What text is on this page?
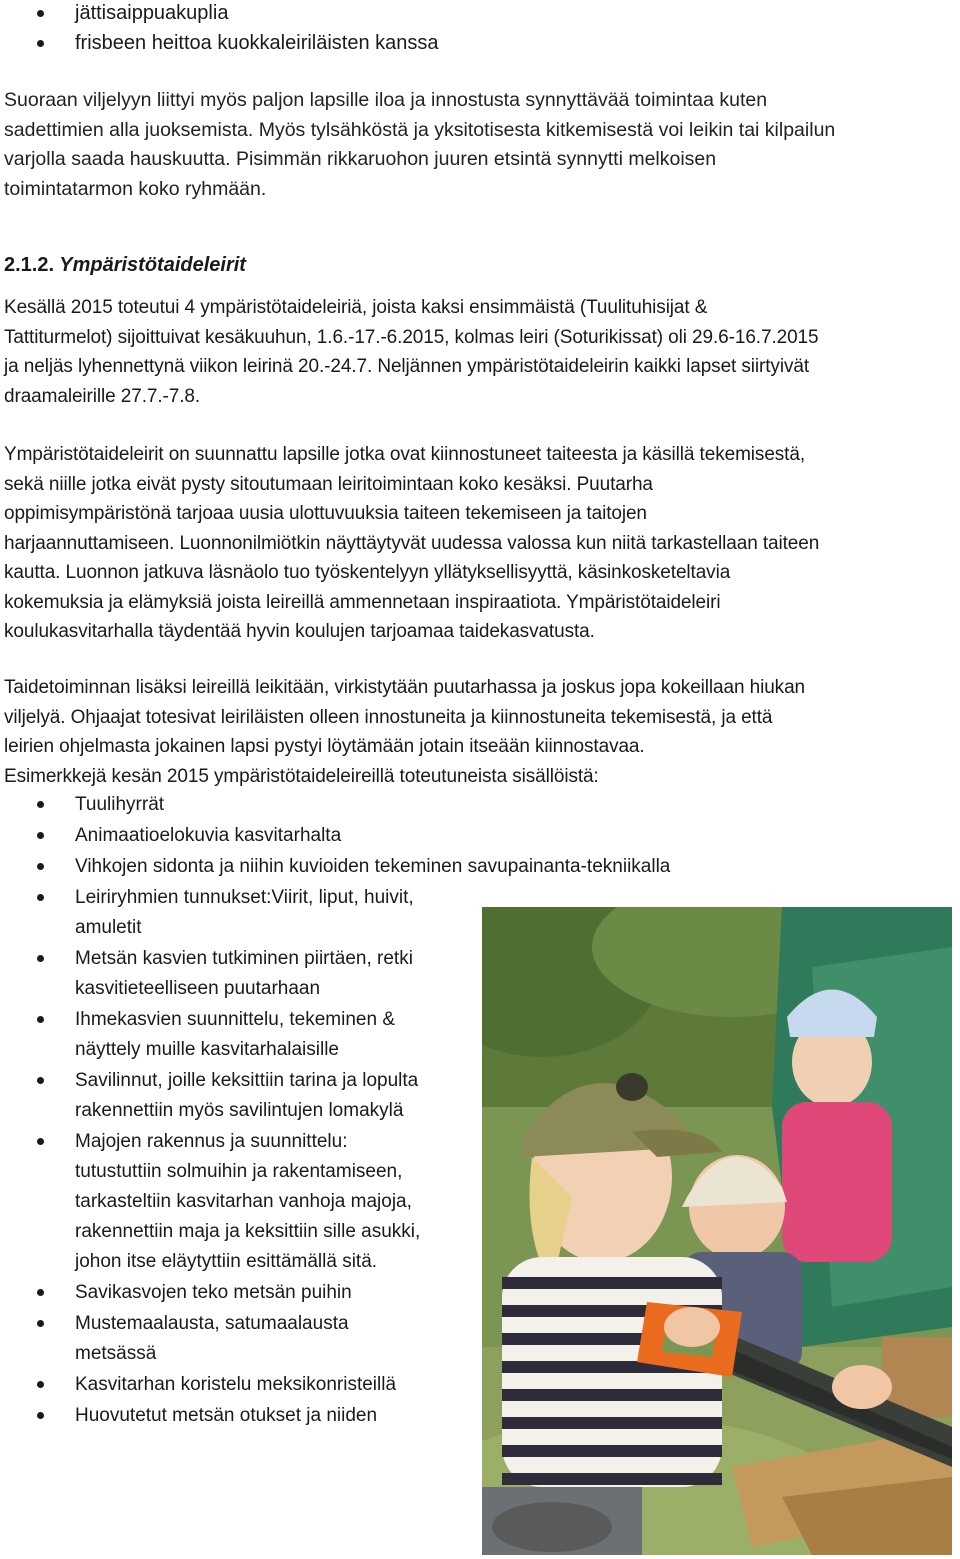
jättisaippuakuplia
frisbeen heittoa kuokkaleiriläisten kanssa
Suoraan viljelyyn liittyi myös paljon lapsille iloa ja innostusta synnyttävää toimintaa kuten
sadettimien alla juoksemista. Myös tylsähköstä ja yksitotisesta kitkemisestä voi leikin tai kilpailun
varjolla saada hauskuutta. Pisimmän rikkaruohon juuren etsintä synnytti melkoisen
toimintatarmon koko ryhmään.
2.1.2. Ympäristötaideleirit
Kesällä 2015 toteutui 4 ympäristötaideleiriä, joista kaksi ensimmäistä (Tuulituhisijat &
Tattiturmelot) sijoittuivat kesäkuuhun, 1.6.-17.-6.2015, kolmas leiri (Soturikissat) oli 29.6-16.7.2015
ja neljäs lyhennettynä viikon leirinä 20.-24.7. Neljännen ympäristötaideleirin kaikki lapset siirtyivät
draamaleirille 27.7.-7.8.
Ympäristötaideleirit on suunnattu lapsille jotka ovat kiinnostuneet taiteesta ja käsillä tekemisestä,
sekä niille jotka eivät pysty sitoutumaan leiritoimintaan koko kesäksi. Puutarha
oppimisympäristönä tarjoaa uusia ulottuvuuksia taiteen tekemiseen ja taitojen
harjaannuttamiseen. Luonnonilmiötkin näyttäytyvät uudessa valossa kun niitä tarkastellaan taiteen
kautta. Luonnon jatkuva läsnäolo tuo työskentelyyn yllätyksellisyyttä, käsinkosketeltavia
kokemuksia ja elämyksiä joista leireillä ammennetaan inspiraatiota. Ympäristötaideleiri
koulukasvitarhalla täydentää hyvin koulujen tarjoamaa taidekasvatusta.
Taidetoiminnan lisäksi leireillä leikitään, virkistytään puutarhassa ja joskus jopa kokeillaan hiukan
viljelyä. Ohjaajat totesivat leiriläisten olleen innostuneita ja kiinnostuneita tekemisestä, ja että
leirien ohjelmasta jokainen lapsi pystyi löytämään jotain itseään kiinnostavaa.
Esimerkkejä kesän 2015 ympäristötaideleireillä toteutuneista sisällöistä:
Tuulihyrrät
Animaatioelokuvia kasvitarhalta
Vihkojen sidonta ja niihin kuvioiden tekeminen savupainanta-tekniikalla
Leiriryhmien tunnukset:Viirit, liput, huivit,
amuletit
Metsän kasvien tutkiminen piirtäen, retki
kasvitieteelliseen puutarhaan
Ihmekasvien suunnittelu, tekeminen &
näyttely muille kasvitarhalaisille
Savilinnut, joille keksittiin tarina ja lopulta
rakennettiin myös savilintujen lomakylä
Majojen rakennus ja suunnittelu:
tutustuttiin solmuihin ja rakentamiseen,
tarkasteltiin kasvitarhan vanhoja majoja,
rakennettiin maja ja keksittiin sille asukki,
johon itse eläytyttiin esittämällä sitä.
Savikasvojen teko metsän puihin
Mustemaalausta, satumaalausta
metsässä
Kasvitarhan koristelu meksikonristeillä
Huovutetut metsän otukset ja niiden
